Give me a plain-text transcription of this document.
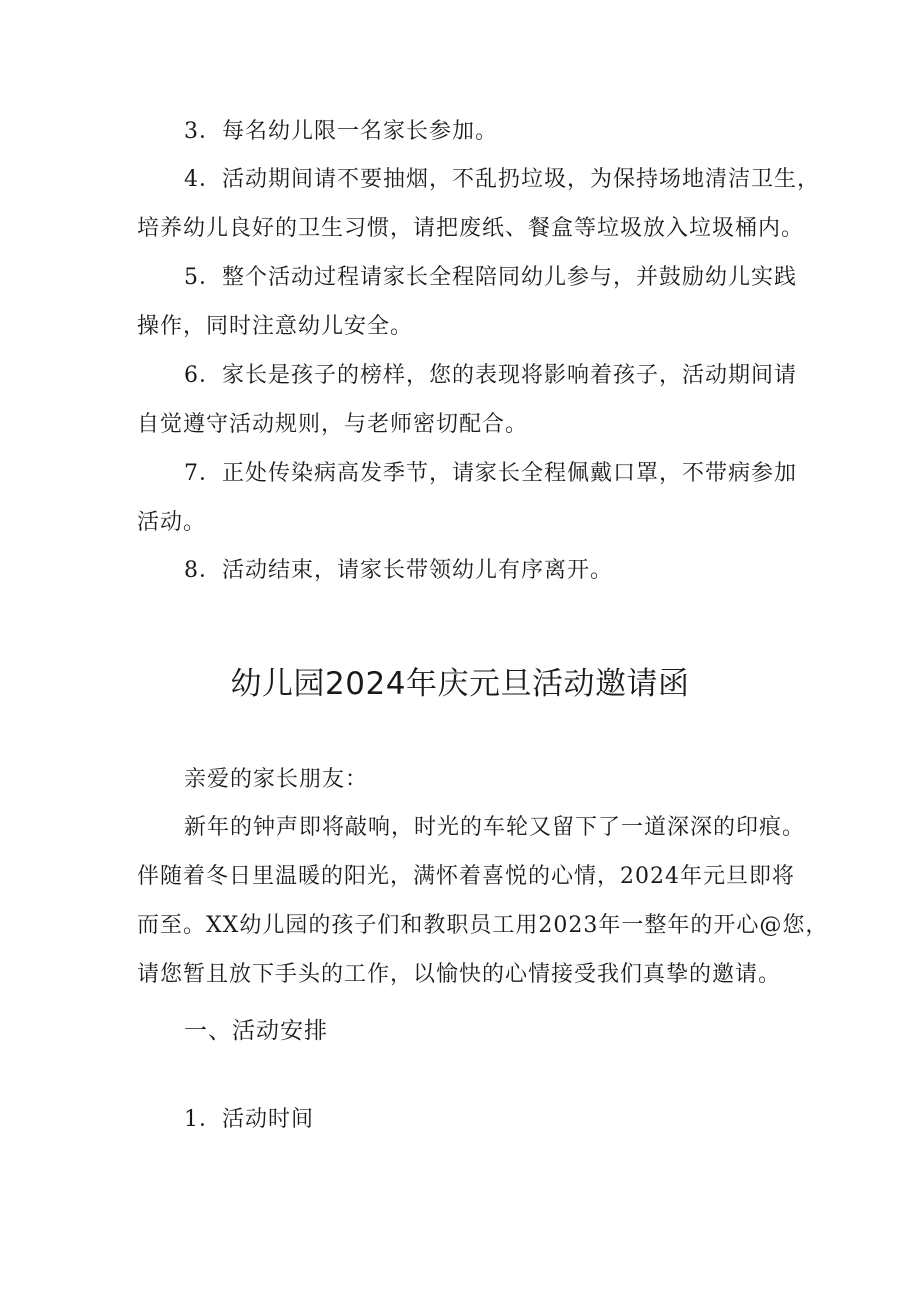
3．每名幼儿限一名家长参加。
4．活动期间请不要抽烟，不乱扔垃圾，为保持场地清洁卫生，
培养幼儿良好的卫生习惯，请把废纸、餐盒等垃圾放入垃圾桶内。
5．整个活动过程请家长全程陪同幼儿参与，并鼓励幼儿实践
操作，同时注意幼儿安全。
6．家长是孩子的榜样，您的表现将影响着孩子，活动期间请
自觉遵守活动规则，与老师密切配合。
7．正处传染病高发季节，请家长全程佩戴口罩，不带病参加
活动。
8．活动结束，请家长带领幼儿有序离开。
幼儿园2024年庆元旦活动邀请函
亲爱的家长朋友：
新年的钟声即将敲响，时光的车轮又留下了一道深深的印痕。
伴随着冬日里温暖的阳光，满怀着喜悦的心情，2024年元旦即将
而至。XX幼儿园的孩子们和教职员工用2023年一整年的开心@您，
请您暂且放下手头的工作，以愉快的心情接受我们真挚的邀请。
一、活动安排
1．活动时间
